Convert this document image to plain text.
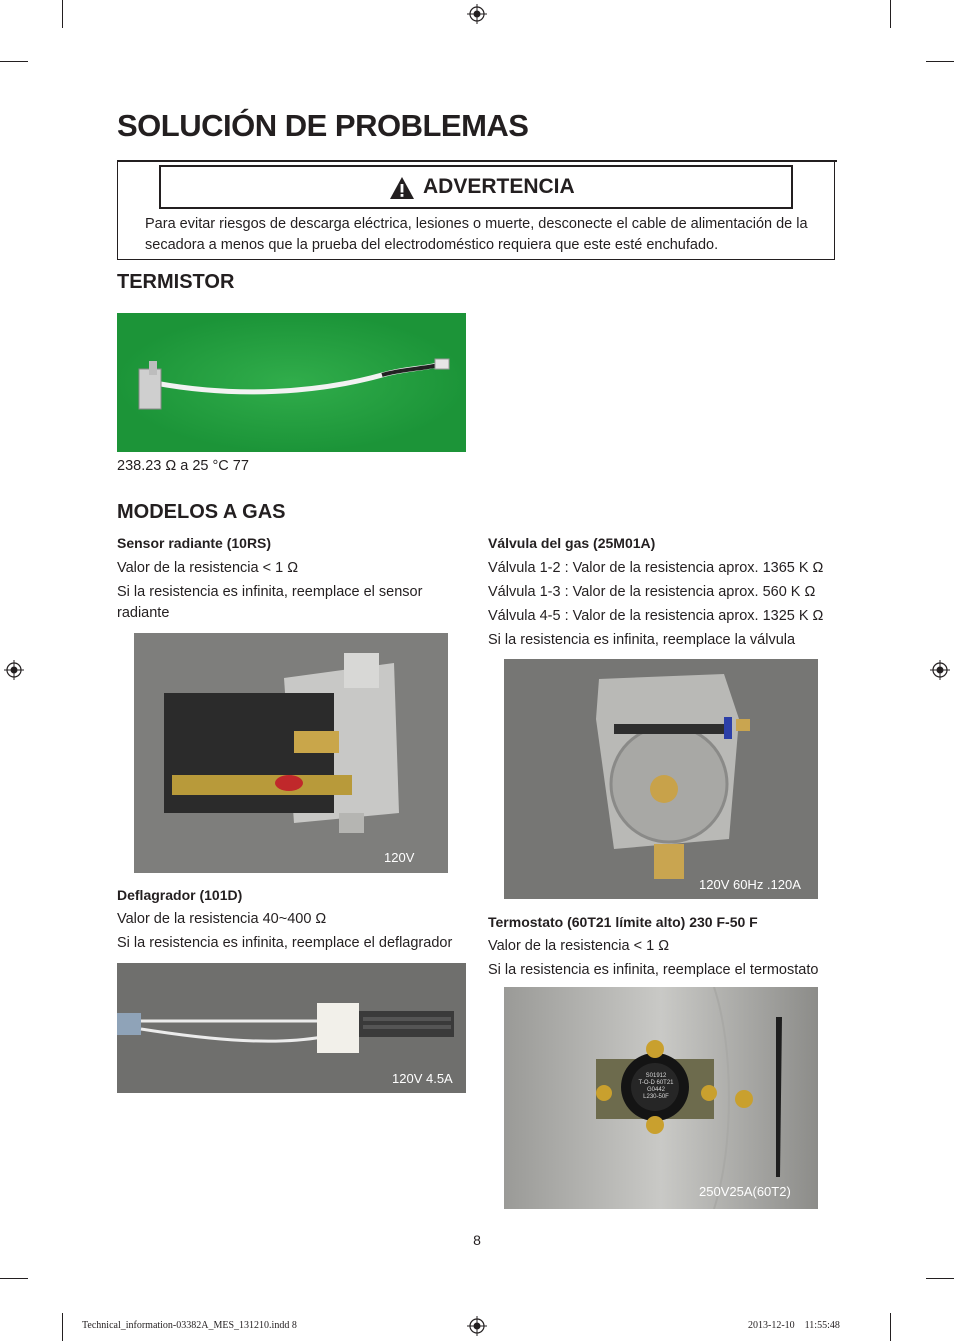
SOLUCIÓN DE PROBLEMAS
ADVERTENCIA
Para evitar riesgos de descarga eléctrica, lesiones o muerte, desconecte el cable de alimentación de la secadora a menos que la prueba del electrodoméstico requiera que este esté enchufado.
TERMISTOR
238.23 Ω a 25 °C 77
MODELOS A GAS
Sensor radiante (10RS)
Valor de la resistencia < 1 Ω
Si la resistencia es infinita, reemplace el sensor radiante
120V
Deflagrador (101D)
Valor de la resistencia 40~400 Ω
Si la resistencia es infinita, reemplace el deflagrador
120V 4.5A
Válvula del gas (25M01A)
Válvula 1-2 : Valor de la resistencia aprox. 1365 K Ω
Válvula 1-3 : Valor de la resistencia aprox. 560 K Ω
Válvula 4-5 : Valor de la resistencia aprox. 1325 K Ω
Si la resistencia es infinita, reemplace la válvula
120V 60Hz .120A
Termostato (60T21 límite alto) 230 F-50 F
Valor de la resistencia < 1 Ω
Si la resistencia es infinita, reemplace el termostato
S01912
T-O-D 60T21
G0442
L230-50F
250V25A(60T2)
8
Technical_information-03382A_MES_131210.indd 8	2013-12-10    11:55:48
